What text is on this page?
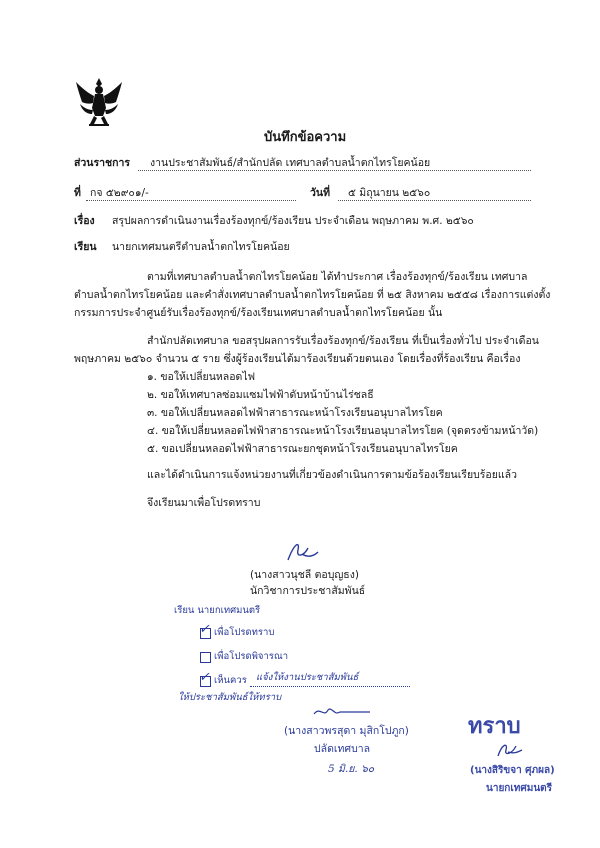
บันทึกข้อความ
ส่วนราชการ งานประชาสัมพันธ์/สำนักปลัด เทศบาลตำบลน้ำตกไทรโยคน้อย
ที่ กจ ๕๒๙๐๑/-	วันที่ ๕ มิถุนายน ๒๕๖๐
เรื่อง สรุปผลการดำเนินงานเรื่องร้องทุกข์/ร้องเรียน ประจำเดือน พฤษภาคม พ.ศ. ๒๕๖๐
เรียน นายกเทศมนตรีตำบลน้ำตกไทรโยคน้อย
ตามที่เทศบาลตำบลน้ำตกไทรโยคน้อย ได้ทำประกาศ เรื่องร้องทุกข์/ร้องเรียน เทศบาล
ตำบลน้ำตกไทรโยคน้อย และคำสั่งเทศบาลตำบลน้ำตกไทรโยคน้อย ที่ ๒๕ สิงหาคม ๒๕๕๘ เรื่องการแต่งตั้ง
กรรมการประจำศูนย์รับเรื่องร้องทุกข์/ร้องเรียนเทศบาลตำบลน้ำตกไทรโยคน้อย นั้น
สำนักปลัดเทศบาล ขอสรุปผลการรับเรื่องร้องทุกข์/ร้องเรียน ที่เป็นเรื่องทั่วไป ประจำเดือน
พฤษภาคม ๒๕๖๐ จำนวน ๕ ราย ซึ่งผู้ร้องเรียนได้มาร้องเรียนด้วยตนเอง โดยเรื่องที่ร้องเรียน คือเรื่อง
๑. ขอให้เปลี่ยนหลอดไฟ
๒. ขอให้เทศบาลซ่อมแซมไฟฟ้าดับหน้าบ้านไร่ชลธี
๓. ขอให้เปลี่ยนหลอดไฟฟ้าสาธารณะหน้าโรงเรียนอนุบาลไทรโยค
๔. ขอให้เปลี่ยนหลอดไฟฟ้าสาธารณะหน้าโรงเรียนอนุบาลไทรโยค (จุดตรงข้ามหน้าวัด)
๕. ขอเปลี่ยนหลอดไฟฟ้าสาธารณะยกชุดหน้าโรงเรียนอนุบาลไทรโยค
และได้ดำเนินการแจ้งหน่วยงานที่เกี่ยวข้องดำเนินการตามข้อร้องเรียนเรียบร้อยแล้ว
จึงเรียนมาเพื่อโปรดทราบ
(นางสาวนุชลี ตอบุญธง)
นักวิชาการประชาสัมพันธ์
เรียน นายกเทศมนตรี
✓ เพื่อโปรดทราบ
เพื่อโปรดพิจารณา
✓ เห็นควร แจ้งให้งานประชาสัมพันธ์
ให้ประชาสัมพันธ์ให้ทราบ
(นางสาวพรสุดา มุสิกโปภูก)
ปลัดเทศบาล
5 มิ.ย. ๖๐
ทราบ
(นางสิริขจา ศุภผล)
นายกเทศมนตรี
